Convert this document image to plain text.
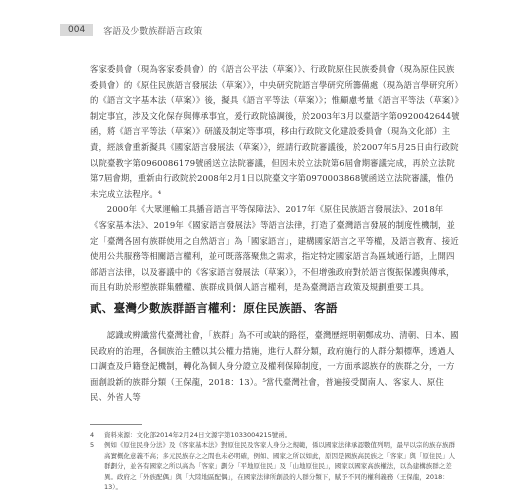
004	客語及少數族群語言政策

客家委員會（現為客家委員會）的《語言公平法（草案）》、行政院原住民族委員會（現為原住民族委員會）的《原住民族語言發展法（草案）》，中央研究院語言學研究所籌備處（現為語言學研究所）的《語言文字基本法（草案）》後，擬具《語言平等法（草案）》；惟顧慮考量《語言平等法（草案）》制定事宜，涉及文化保存與傳承事宜，爰行政院協調後，於2003年3月以臺語字第0920042644號函，將《語言平等法（草案）》研議及制定等事項，移由行政院文化建設委員會（現為文化部）主責，經該會重新擬具《國家語言發展法（草案）》，經請行政院審議後，於2007年5月25日由行政院以院臺教字第0960086179號函送立法院審議，但因未於立法院第6屆會期審議完成，再於立法院第7屆會期，重新由行政院於2008年2月1日以院臺文字第0970003868號函送立法院審議，惟仍未完成立法程序。⁴

2000年《大眾運輸工具播音語言平等保障法》、2017年《原住民族語言發展法》、2018年《客家基本法》、2019年《國家語言發展法》等語言法律，打造了臺灣語言發展的制度性機制，並定「臺灣各固有族群使用之自然語言」為「國家語言」，建構國家語言之平等權，及語言教育、接近使用公共服務等相關語言權利，並可既落落聚焦之需求，指定特定國家語言為區域通行語，上開四部語言法律，以及審議中的《客家語言發展法（草案）》，不但增強政府對於語言復振保護與傳承，而且有助於形塑族群集體權、族群成員個人語言權利，是為臺灣語言政策及規劃重要工具。

貳、臺灣少數族群語言權利：原住民族語、客語

認識或辨識當代臺灣社會，「族群」為不可或缺的路徑，臺灣歷經明朝鄭成功、清朝、日本、國民政府的治理，各個族治主體以其公權力措施，進行人群分類，政府施行的人群分類標準，透過人口調查及戶籍登記機制，轉化為個人身分證立及權利保障制度，一方面承認族存的族群之分，一方面創設新的族群分類（王保龍，2018：13）。⁵當代臺灣社會，普遍接受閩南人、客家人、原住民、外省人等

4	資料來源：文化部2014年2月24日文源字第1033004215號函。
5	例如《原住民身分法》及《客家基本法》對原住民及客家人身分之規範，係以國家法律承認數值列明，最早以宗的族存族群高實概化意義不高；多元民族存之之間也未必明確，例如、國家之所以如此，原因是國族高民族之「客家」與「原住民」人群劃分，並各有國家之所以高為「客家」劃分「平地原住民」及「山地原住民」，國家以國家高族權法，以為建構族群之差異。政府之「外族配偶」與「大陸地區配偶」，在國家法律所創設的人群分類下，賦予不同的權利義務（王保龍，2018：13）。
